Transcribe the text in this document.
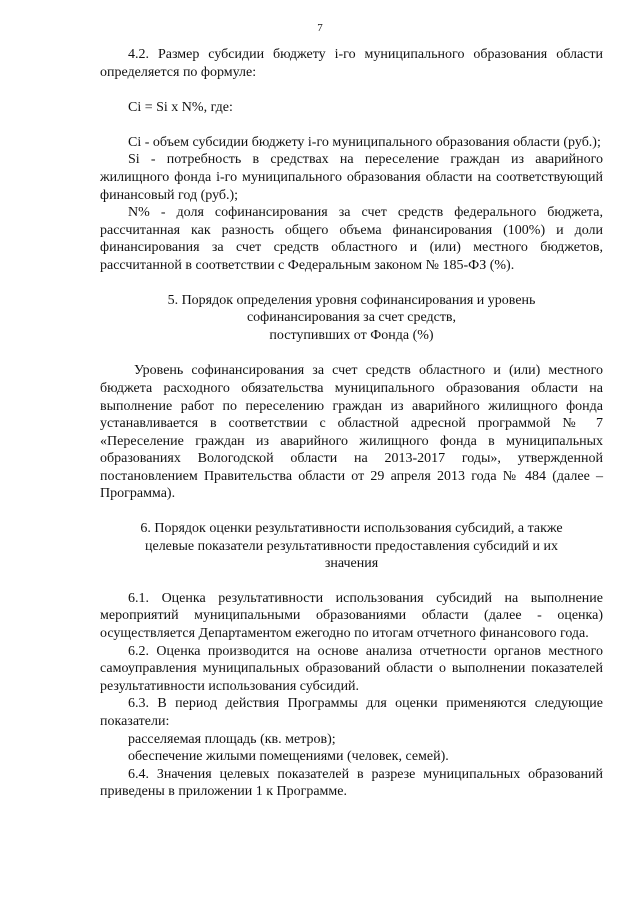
7

4.2. Размер субсидии бюджету i-го муниципального образования области определяется по формуле:

Ci = Si x N%, где:

Ci - объем субсидии бюджету i-го муниципального образования области (руб.);

Si - потребность в средствах на переселение граждан из аварийного жилищного фонда i-го муниципального образования области на соответствующий финансовый год (руб.);

N% - доля софинансирования за счет средств федерального бюджета, рассчитанная как разность общего объема финансирования (100%) и доли финансирования за счет средств областного и (или) местного бюджетов, рассчитанной в соответствии с Федеральным законом № 185-ФЗ (%).

5. Порядок определения уровня софинансирования и уровень
софинансирования за счет средств,
поступивших от Фонда (%)

Уровень софинансирования за счет средств областного и (или) местного бюджета расходного обязательства муниципального образования области на выполнение работ по переселению граждан из аварийного жилищного фонда устанавливается в соответствии с областной адресной программой № 7 «Переселение граждан из аварийного жилищного фонда в муниципальных образованиях Вологодской области на 2013-2017 годы», утвержденной постановлением Правительства области от 29 апреля 2013 года № 484 (далее – Программа).

6. Порядок оценки результативности использования субсидий, а также
целевые показатели результативности предоставления субсидий и их
значения

6.1. Оценка результативности использования субсидий на выполнение мероприятий муниципальными образованиями области (далее - оценка) осуществляется Департаментом ежегодно по итогам отчетного финансового года.

6.2. Оценка производится на основе анализа отчетности органов местного самоуправления муниципальных образований области о выполнении показателей результативности использования субсидий.

6.3. В период действия Программы для оценки применяются следующие показатели:

расселяемая площадь (кв. метров);

обеспечение жилыми помещениями (человек, семей).

6.4. Значения целевых показателей в разрезе муниципальных образований приведены в приложении 1 к Программе.
